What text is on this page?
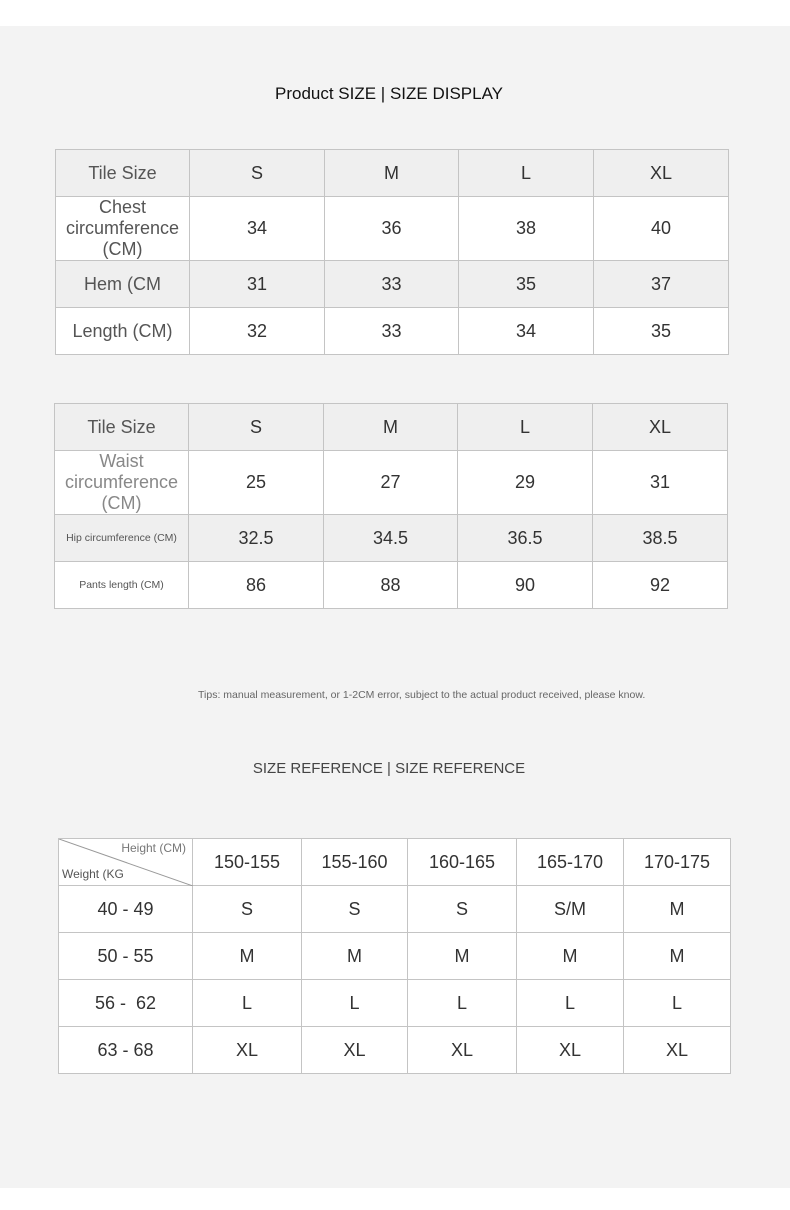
Product SIZE | SIZE DISPLAY
Tile Size	S	M	L	XL
Chest circumference (CM)	34	36	38	40
Hem (CM	31	33	35	37
Length (CM)	32	33	34	35
Tile Size	S	M	L	XL
Waist circumference (CM)	25	27	29	31
Hip circumference (CM)	32.5	34.5	36.5	38.5
Pants length (CM)	86	88	90	92
Tips: manual measurement, or 1-2CM error, subject to the actual product received, please know.
SIZE REFERENCE | SIZE REFERENCE
Height (CM)
Weight (KG	150-155	155-160	160-165	165-170	170-175
40 - 49	S	S	S	S/M	M
50 - 55	M	M	M	M	M
56 -  62	L	L	L	L	L
63 - 68	XL	XL	XL	XL	XL
